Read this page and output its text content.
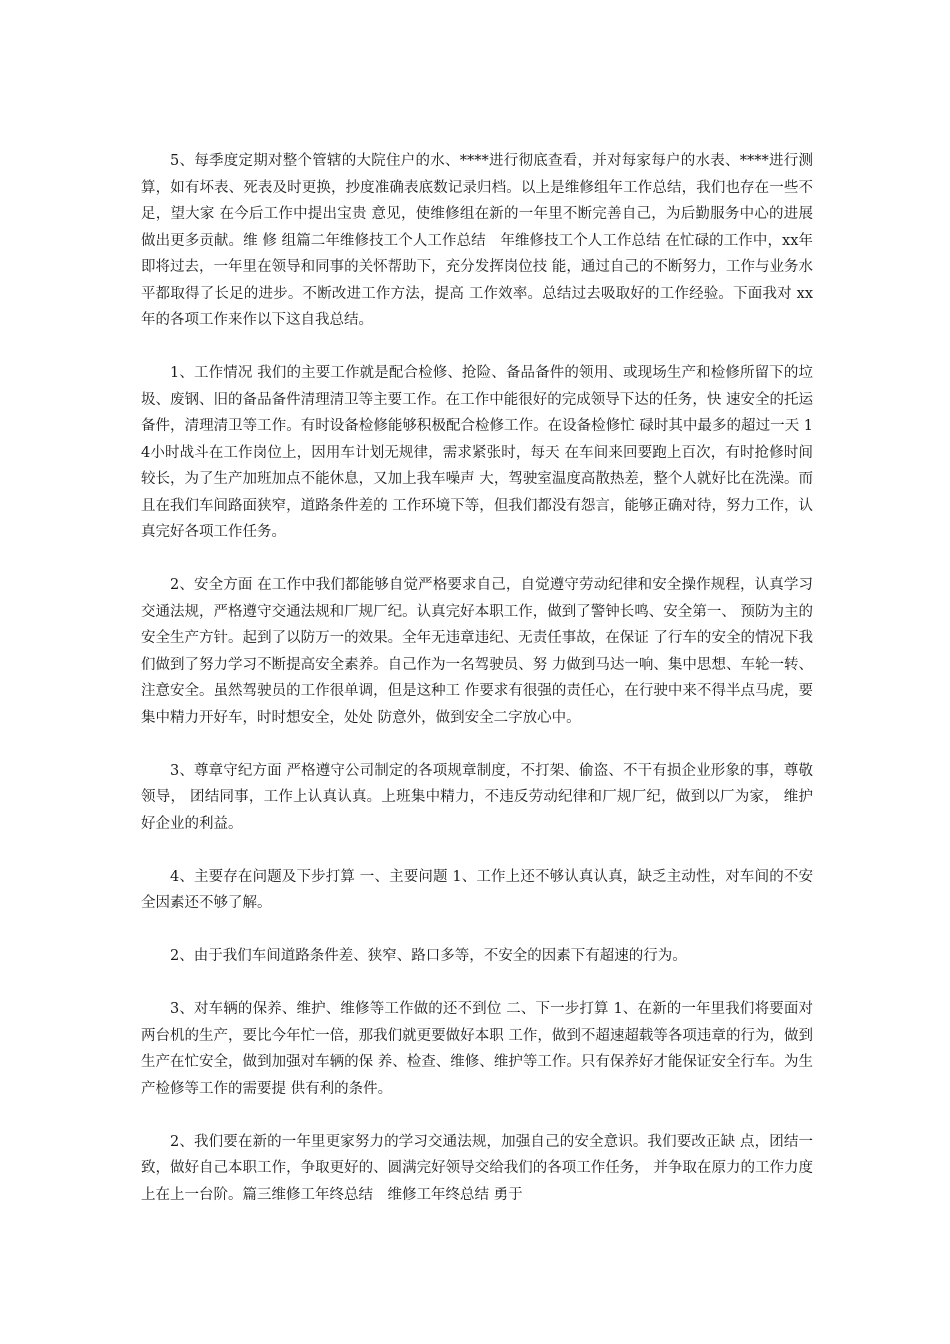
5、每季度定期对整个管辖的大院住户的水、****进行彻底查看，并对每家每户的水表、****进行测算，如有坏表、死表及时更换，抄度准确表底数记录归档。以上是维修组年工作总结，我们也存在一些不足，望大家 在今后工作中提出宝贵 意见，使维修组在新的一年里不断完善自己，为后勤服务中心的进展做出更多贡献。维 修 组篇二年维修技工个人工作总结　年维修技工个人工作总结 在忙碌的工作中，xx年即将过去，一年里在领导和同事的关怀帮助下，充分发挥岗位技 能，通过自己的不断努力，工作与业务水平都取得了长足的进步。不断改进工作方法，提高 工作效率。总结过去吸取好的工作经验。下面我对 xx年的各项工作来作以下这自我总结。

1、工作情况 我们的主要工作就是配合检修、抢险、备品备件的领用、或现场生产和检修所留下的垃 圾、废钢、旧的备品备件清理清卫等主要工作。在工作中能很好的完成领导下达的任务，快 速安全的托运备件，清理清卫等工作。有时设备检修能够积极配合检修工作。在设备检修忙 碌时其中最多的超过一天 14小时战斗在工作岗位上，因用车计划无规律，需求紧张时，每天 在车间来回要跑上百次，有时抢修时间较长，为了生产加班加点不能休息，又加上我车噪声 大，驾驶室温度高散热差，整个人就好比在洗澡。而且在我们车间路面狭窄，道路条件差的 工作环境下等，但我们都没有怨言，能够正确对待，努力工作，认真完好各项工作任务。

2、安全方面 在工作中我们都能够自觉严格要求自己，自觉遵守劳动纪律和安全操作规程，认真学习 交通法规，严格遵守交通法规和厂规厂纪。认真完好本职工作，做到了警钟长鸣、安全第一、 预防为主的安全生产方针。起到了以防万一的效果。全年无违章违纪、无责任事故，在保证 了行车的安全的情况下我们做到了努力学习不断提高安全素养。自己作为一名驾驶员、努 力做到马达一响、集中思想、车轮一转、注意安全。虽然驾驶员的工作很单调，但是这种工 作要求有很强的责任心，在行驶中来不得半点马虎，要集中精力开好车，时时想安全，处处 防意外，做到安全二字放心中。

3、尊章守纪方面 严格遵守公司制定的各项规章制度，不打架、偷盗、不干有损企业形象的事，尊敬领导， 团结同事，工作上认真认真。上班集中精力，不违反劳动纪律和厂规厂纪，做到以厂为家， 维护好企业的利益。

4、主要存在问题及下步打算 一、主要问题 1、工作上还不够认真认真，缺乏主动性，对车间的不安全因素还不够了解。

2、由于我们车间道路条件差、狭窄、路口多等，不安全的因素下有超速的行为。

3、对车辆的保养、维护、维修等工作做的还不到位 二、下一步打算 1、在新的一年里我们将要面对两台机的生产，要比今年忙一倍，那我们就更要做好本职 工作，做到不超速超载等各项违章的行为，做到生产在忙安全，做到加强对车辆的保 养、检查、维修、维护等工作。只有保养好才能保证安全行车。为生产检修等工作的需要提 供有利的条件。

2、我们要在新的一年里更家努力的学习交通法规，加强自己的安全意识。我们要改正缺 点，团结一致，做好自己本职工作，争取更好的、圆满完好领导交给我们的各项工作任务， 并争取在原力的工作力度上在上一台阶。篇三维修工年终总结　维修工年终总结 勇于
